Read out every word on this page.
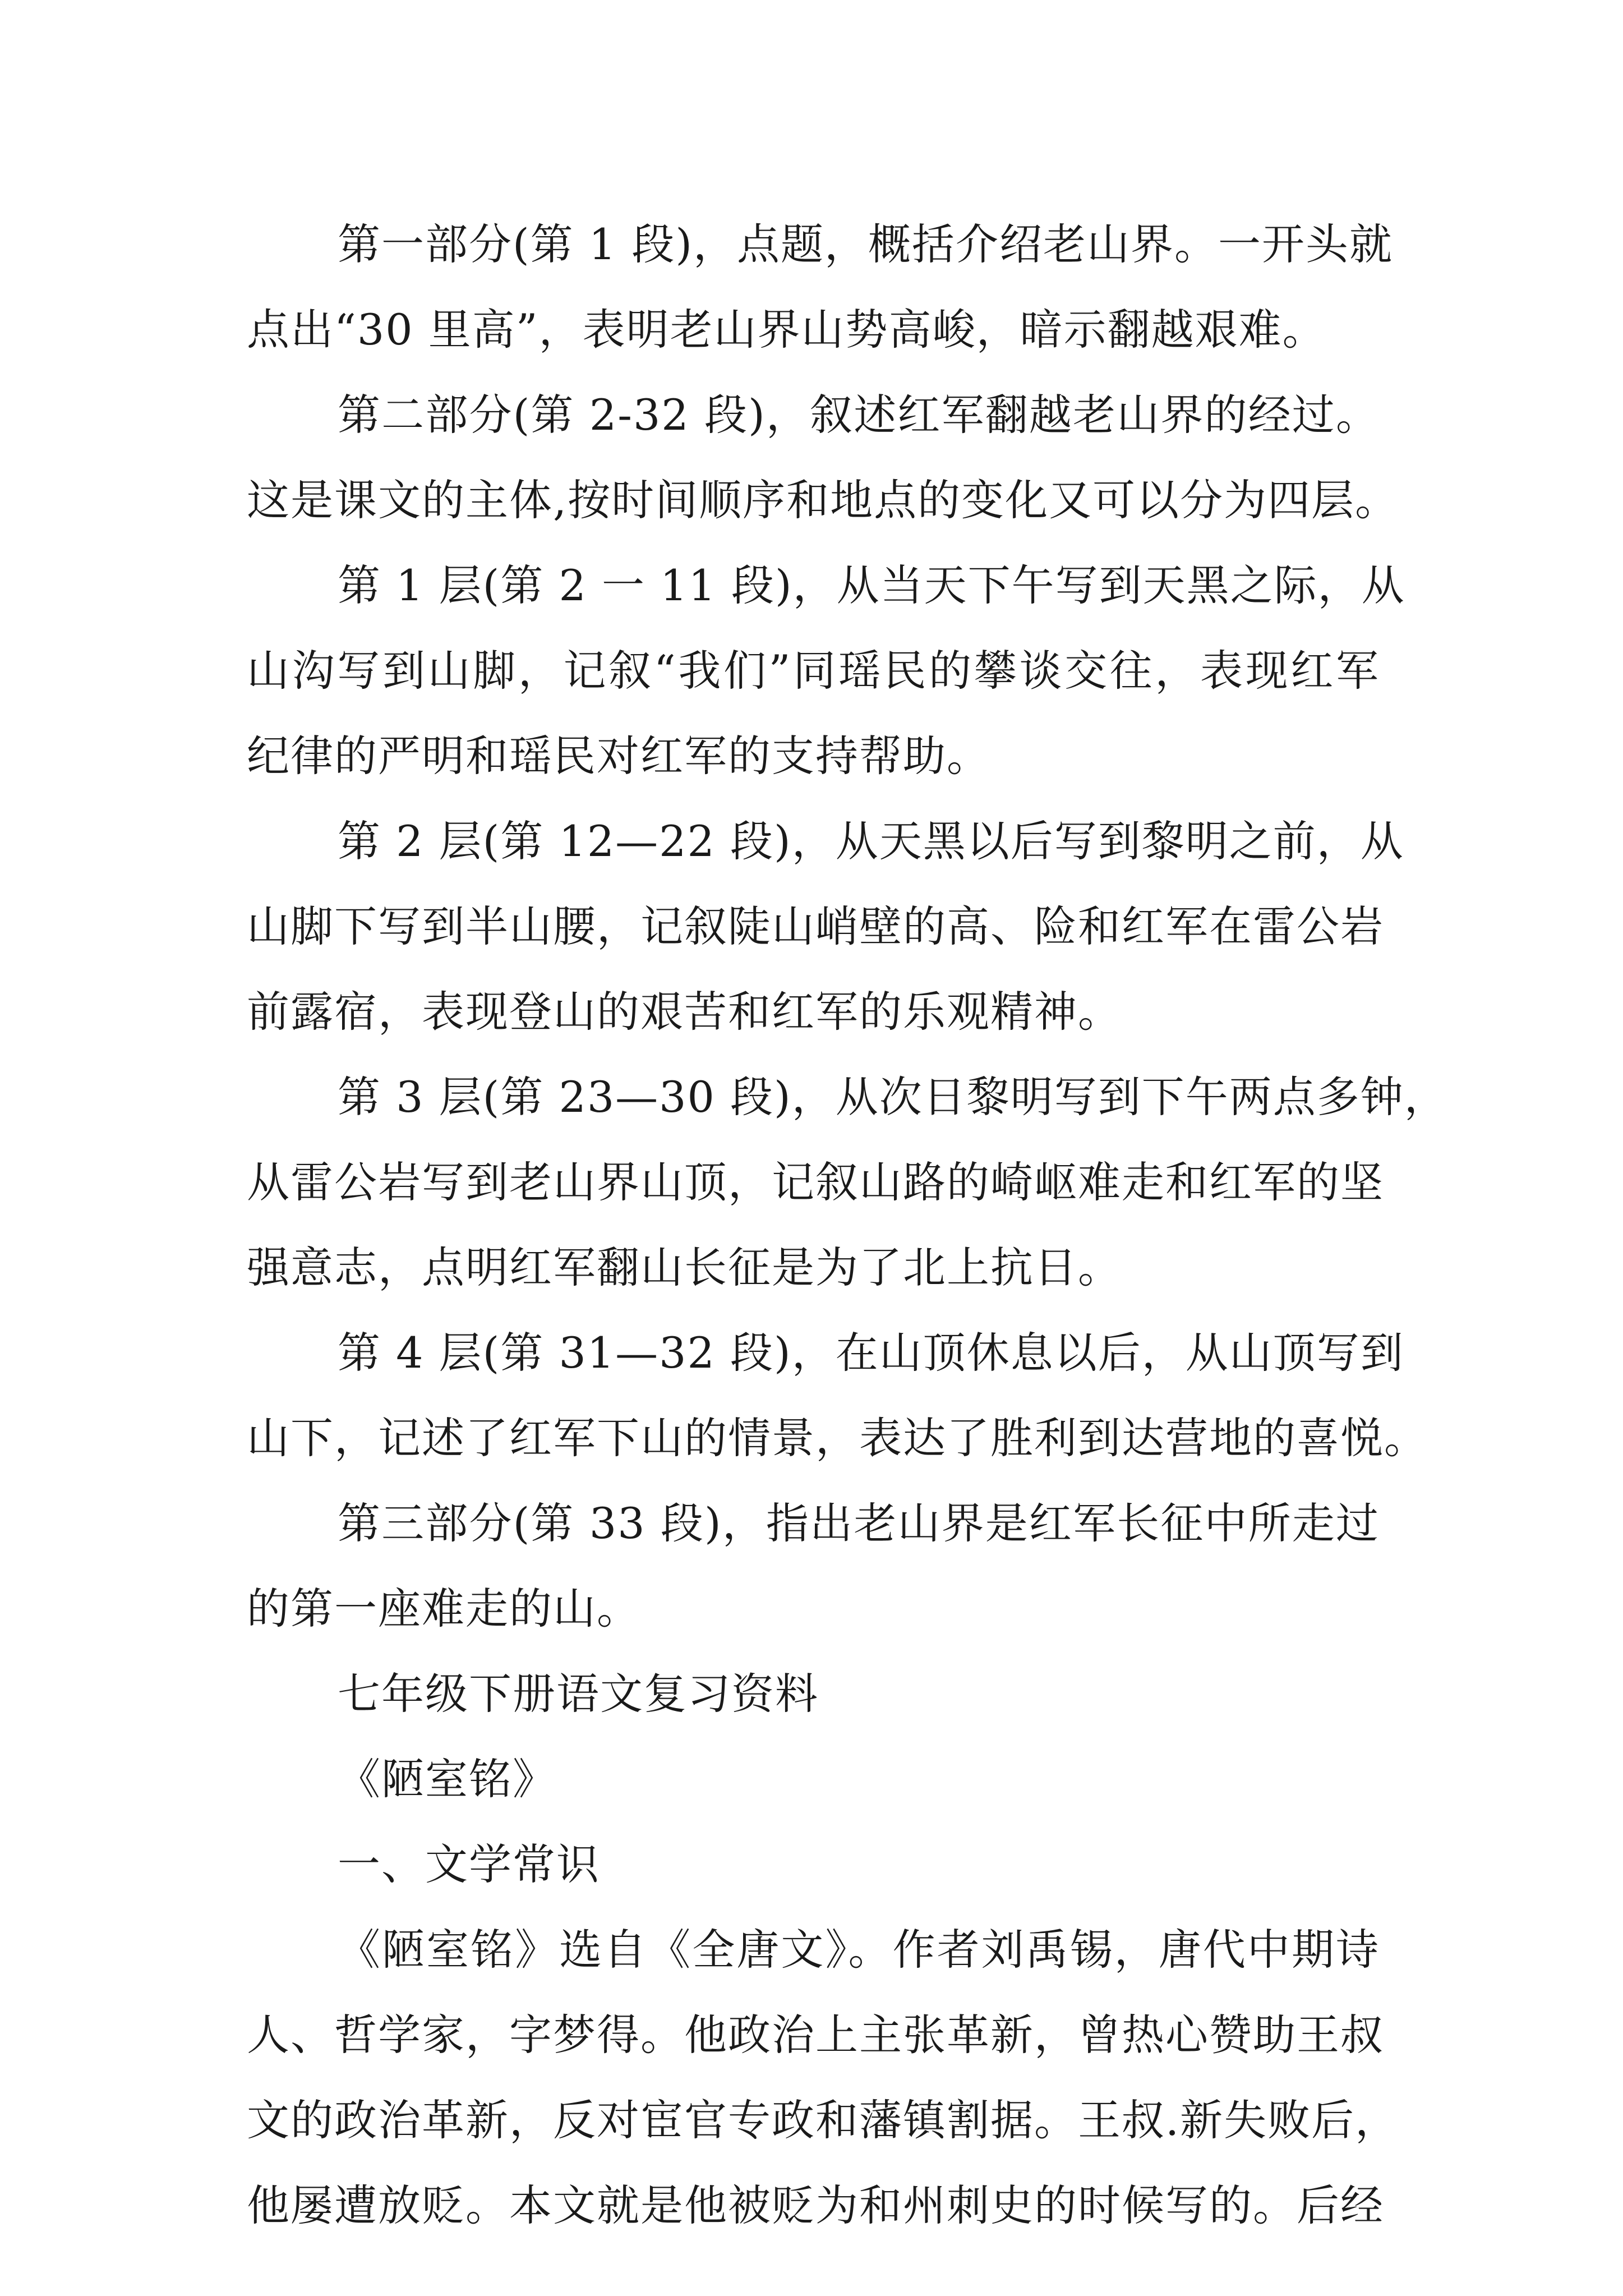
第一部分(第 1 段)，点题，概括介绍老山界。一开头就
点出“30 里高”，表明老山界山势高峻，暗示翻越艰难。
第二部分(第 2-32 段)，叙述红军翻越老山界的经过。
这是课文的主体,按时间顺序和地点的变化又可以分为四层。
第 1 层(第 2 一 11 段)，从当天下午写到天黑之际，从
山沟写到山脚，记叙“我们”同瑶民的攀谈交往，表现红军
纪律的严明和瑶民对红军的支持帮助。
第 2 层(第 12—22 段)，从天黑以后写到黎明之前，从
山脚下写到半山腰，记叙陡山峭壁的高、险和红军在雷公岩
前露宿，表现登山的艰苦和红军的乐观精神。
第 3 层(第 23—30 段)，从次日黎明写到下午两点多钟，
从雷公岩写到老山界山顶，记叙山路的崎岖难走和红军的坚
强意志，点明红军翻山长征是为了北上抗日。
第 4 层(第 31—32 段)，在山顶休息以后，从山顶写到
山下，记述了红军下山的情景，表达了胜利到达营地的喜悦。
第三部分(第 33 段)，指出老山界是红军长征中所走过
的第一座难走的山。
七年级下册语文复习资料
《陋室铭》
一、文学常识
《陋室铭》选自《全唐文》。作者刘禹锡，唐代中期诗
人、哲学家，字梦得。他政治上主张革新，曾热心赞助王叔
文的政治革新，反对宦官专政和藩镇割据。王叔.新失败后，
他屡遭放贬。本文就是他被贬为和州刺史的时候写的。后经
